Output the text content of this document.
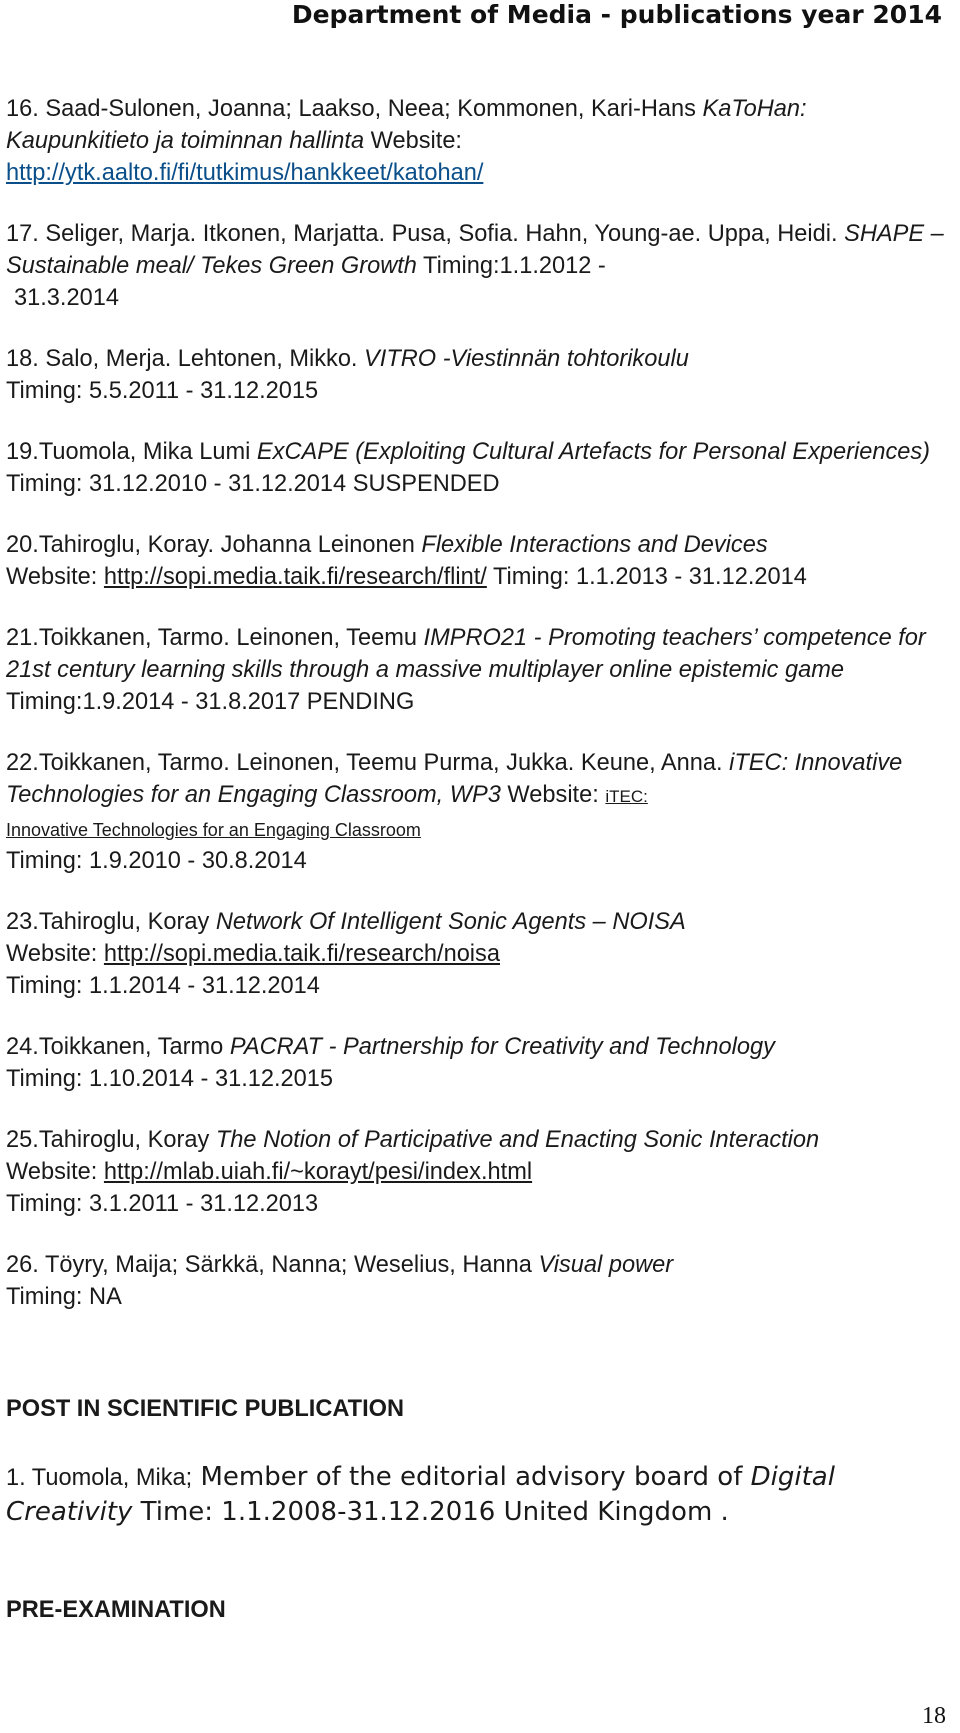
Department of Media - publications year 2014
16. Saad-Sulonen, Joanna; Laakso, Neea; Kommonen, Kari-Hans KaToHan: Kaupunkitieto ja toiminnan hallinta Website:
http://ytk.aalto.fi/fi/tutkimus/hankkeet/katohan/
17. Seliger, Marja. Itkonen, Marjatta. Pusa, Sofia. Hahn, Young-ae. Uppa, Heidi. SHAPE – Sustainable meal/ Tekes Green Growth Timing:1.1.2012 -
31.3.2014
18. Salo, Merja. Lehtonen, Mikko. VITRO -Viestinnän tohtorikoulu
Timing: 5.5.2011 - 31.12.2015
19.Tuomola, Mika Lumi ExCAPE (Exploiting Cultural Artefacts for Personal Experiences) Timing: 31.12.2010 - 31.12.2014 SUSPENDED
20.Tahiroglu, Koray. Johanna Leinonen Flexible Interactions and Devices
Website: http://sopi.media.taik.fi/research/flint/ Timing: 1.1.2013 - 31.12.2014
21.Toikkanen, Tarmo. Leinonen, Teemu IMPRO21 - Promoting teachers’ competence for 21st century learning skills through a massive multiplayer online epistemic game Timing:1.9.2014 - 31.8.2017 PENDING
22.Toikkanen, Tarmo. Leinonen, Teemu Purma, Jukka. Keune, Anna. iTEC: Innovative Technologies for an Engaging Classroom, WP3 Website: iTEC:
Innovative Technologies for an Engaging Classroom
Timing: 1.9.2010 - 30.8.2014
23.Tahiroglu, Koray Network Of Intelligent Sonic Agents – NOISA
Website: http://sopi.media.taik.fi/research/noisa
Timing: 1.1.2014 - 31.12.2014
24.Toikkanen, Tarmo PACRAT - Partnership for Creativity and Technology
Timing: 1.10.2014 - 31.12.2015
25.Tahiroglu, Koray The Notion of Participative and Enacting Sonic Interaction
Website: http://mlab.uiah.fi/~korayt/pesi/index.html
Timing: 3.1.2011 - 31.12.2013
26. Töyry, Maija; Särkkä, Nanna; Weselius, Hanna Visual power
Timing: NA
POST IN SCIENTIFIC PUBLICATION
1. Tuomola, Mika; Member of the editorial advisory board of Digital Creativity Time: 1.1.2008-31.12.2016 United Kingdom .
PRE-EXAMINATION
18
